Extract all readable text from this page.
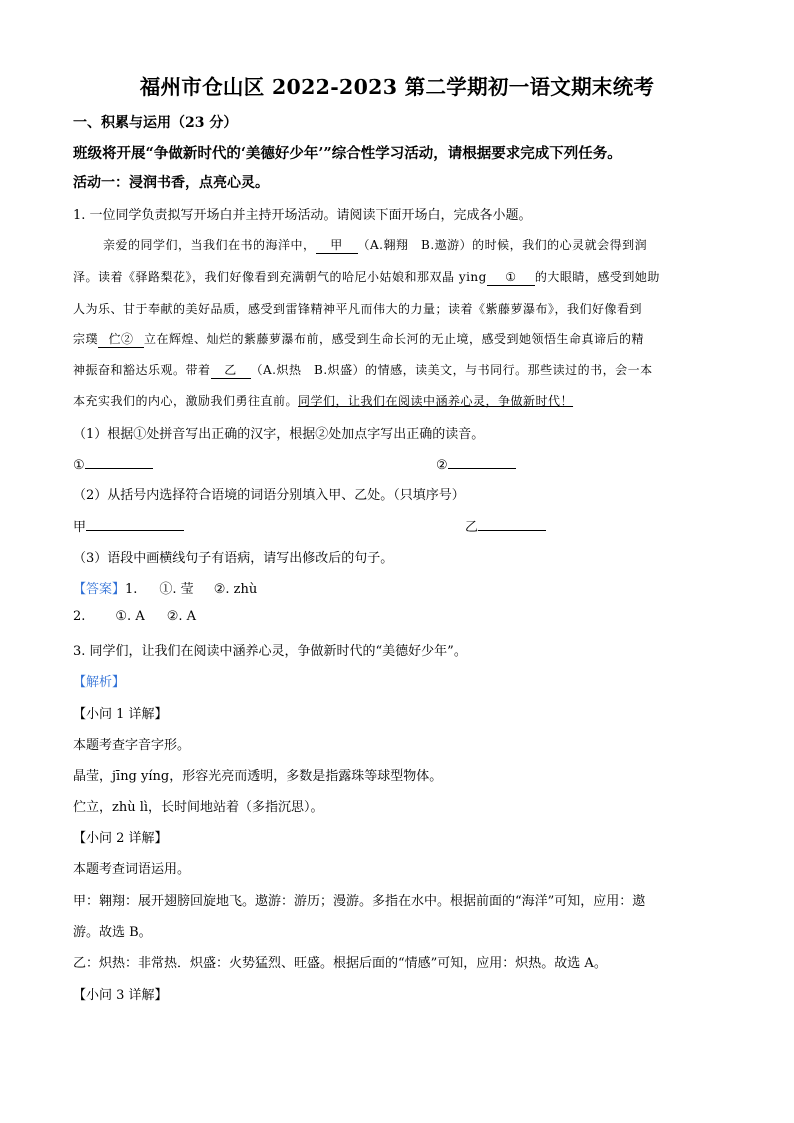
福州市仓山区 2022-2023 第二学期初一语文期末统考
一、积累与运用（23 分）
班级将开展“争做新时代的‘美德好少年’”综合性学习活动，请根据要求完成下列任务。
活动一：浸润书香，点亮心灵。
1. 一位同学负责拟写开场白并主持开场活动。请阅读下面开场白，完成各小题。
亲爱的同学们，当我们在书的海洋中， 甲 （A.翱翔　B.遨游）的时候，我们的心灵就会得到润
泽。读着《驿路梨花》，我们好像看到充满朝气的哈尼小姑娘和那双晶 ying ① 的大眼睛，感受到她助
人为乐、甘于奉献的美好品质，感受到雷锋精神平凡而伟大的力量；读着《紫藤萝瀑布》，我们好像看到
宗璞 伫② 立在辉煌、灿烂的紫藤萝瀑布前，感受到生命长河的无止境，感受到她领悟生命真谛后的精
神振奋和豁达乐观。带着 乙 （A.炽热　B.炽盛）的情感，读美文，与书同行。那些读过的书，会一本
本充实我们的内心，激励我们勇往直前。同学们，让我们在阅读中涵养心灵，争做新时代！
（1）根据①处拼音写出正确的汉字，根据②处加点字写出正确的读音。
①	②
（2）从括号内选择符合语境的词语分别填入甲、乙处。（只填序号）
甲	乙
（3）语段中画横线句子有语病，请写出修改后的句子。
【答案】1. ①. 莹 ②. zhù
2. ①. A ②. A
3. 同学们，让我们在阅读中涵养心灵，争做新时代的“美德好少年”。
【解析】
【小问 1 详解】
本题考查字音字形。
晶莹，jīng yíng，形容光亮而透明，多数是指露珠等球型物体。
伫立，zhù lì，长时间地站着（多指沉思）。
【小问 2 详解】
本题考查词语运用。
甲：翱翔：展开翅膀回旋地飞。遨游：游历；漫游。多指在水中。根据前面的“海洋”可知，应用：遨
游。故选 B。
乙：炽热：非常热．炽盛：火势猛烈、旺盛。根据后面的“情感”可知，应用：炽热。故选 A。
【小问 3 详解】
